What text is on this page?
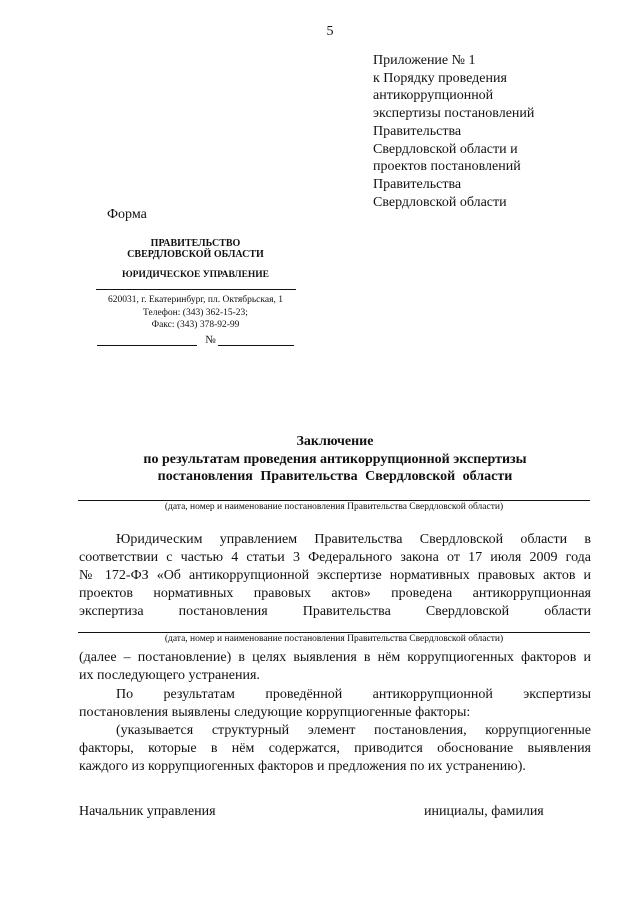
5
Приложение № 1
к Порядку проведения
антикоррупционной
экспертизы постановлений
Правительства
Свердловской области и
проектов постановлений
Правительства
Свердловской области
Форма
ПРАВИТЕЛЬСТВО
СВЕРДЛОВСКОЙ ОБЛАСТИ
ЮРИДИЧЕСКОЕ УПРАВЛЕНИЕ
620031, г. Екатеринбург, пл. Октябрьская, 1
Телефон: (343) 362-15-23;
Факс: (343) 378-92-99
№
Заключение
по результатам проведения антикоррупционной экспертизы
постановления Правительства Свердловской области
(дата, номер и наименование постановления Правительства Свердловской области)
Юридическим управлением Правительства Свердловской области в
соответствии с частью 4 статьи 3 Федерального закона от 17 июля 2009 года
№ 172-ФЗ «Об антикоррупционной экспертизе нормативных правовых актов и
проектов нормативных правовых актов» проведена антикоррупционная
экспертиза постановления Правительства Свердловской области
(дата, номер и наименование постановления Правительства Свердловской области)
(далее – постановление) в целях выявления в нём коррупциогенных факторов и
их последующего устранения.
По результатам проведённой антикоррупционной экспертизы
постановления выявлены следующие коррупциогенные факторы:
(указывается структурный элемент постановления, коррупциогенные
факторы, которые в нём содержатся, приводится обоснование выявления
каждого из коррупциогенных факторов и предложения по их устранению).
Начальник управления	инициалы, фамилия
